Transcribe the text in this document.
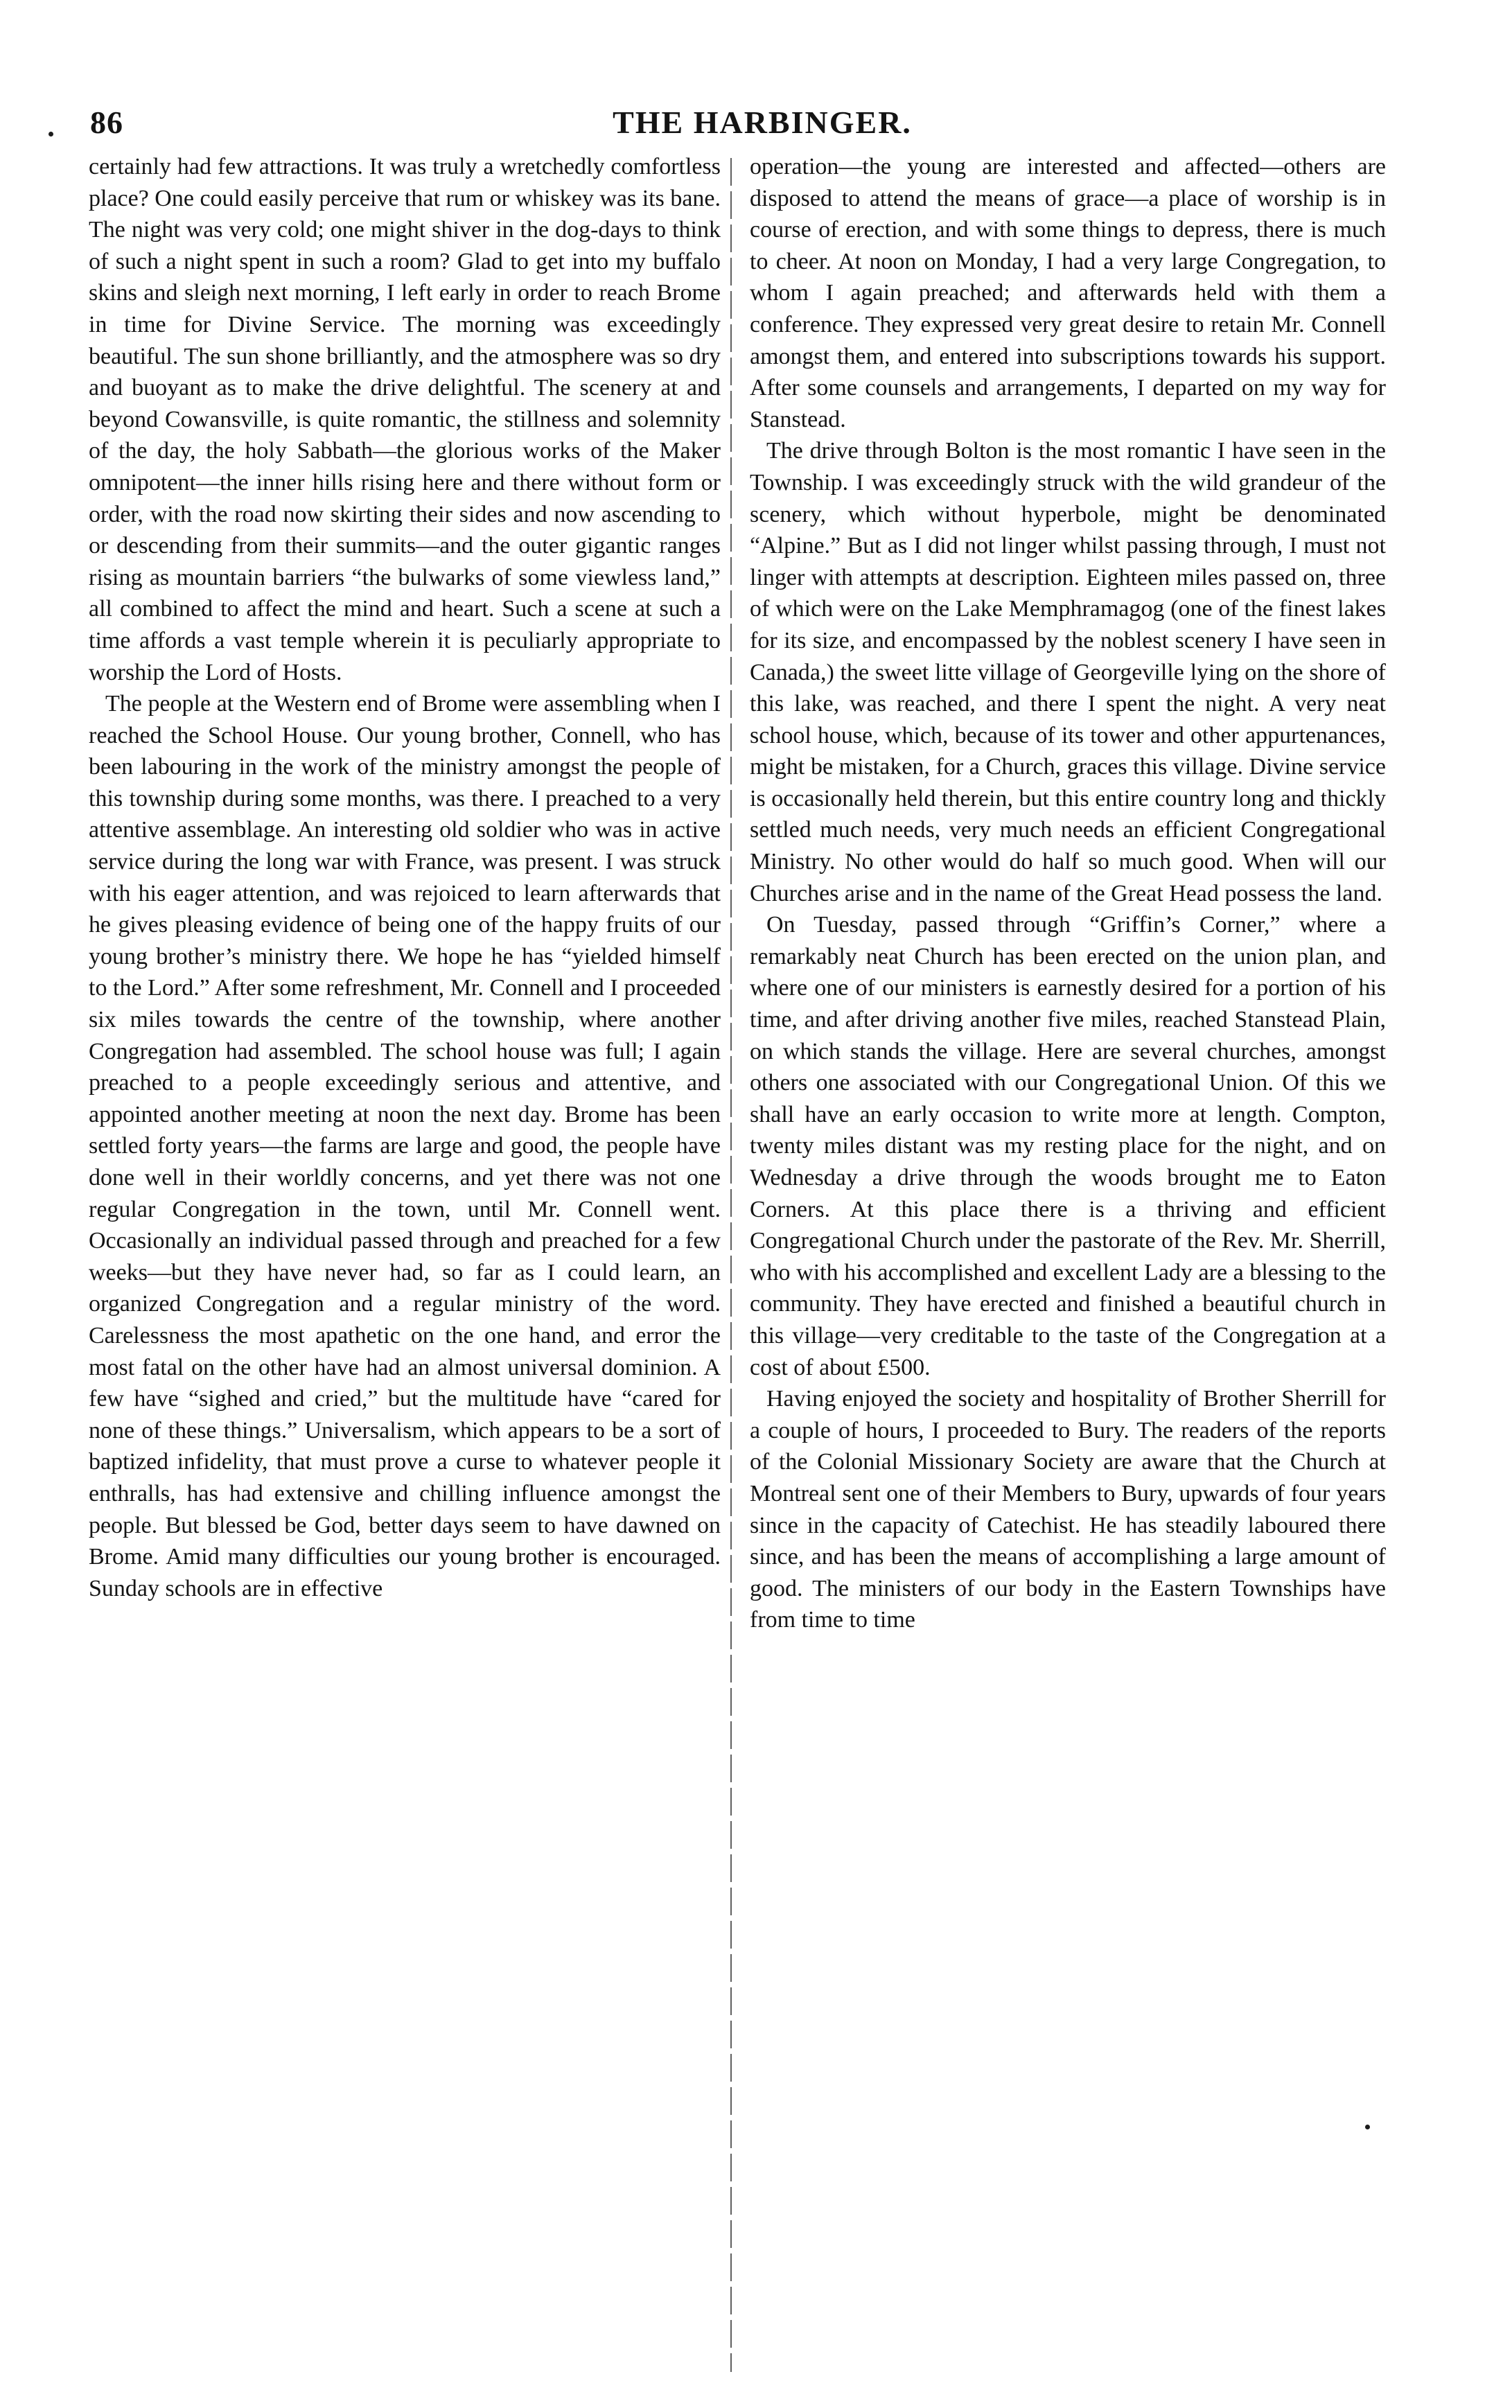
86	THE HARBINGER.

certainly had few attractions. It was truly a wretchedly comfortless place? One could easily perceive that rum or whiskey was its bane. The night was very cold; one might shiver in the dog-days to think of such a night spent in such a room? Glad to get into my buffalo skins and sleigh next morning, I left early in order to reach Brome in time for Divine Service. The morning was exceedingly beautiful. The sun shone brilliantly, and the atmosphere was so dry and buoyant as to make the drive delightful. The scenery at and beyond Cowansville, is quite romantic, the stillness and solemnity of the day, the holy Sabbath—the glorious works of the Maker omnipotent—the inner hills rising here and there without form or order, with the road now skirting their sides and now ascending to or descending from their summits—and the outer gigantic ranges rising as mountain barriers “the bulwarks of some viewless land,” all combined to affect the mind and heart. Such a scene at such a time affords a vast temple wherein it is peculiarly appropriate to worship the Lord of Hosts.

The people at the Western end of Brome were assembling when I reached the School House. Our young brother, Connell, who has been labouring in the work of the ministry amongst the people of this township during some months, was there. I preached to a very attentive assemblage. An interesting old soldier who was in active service during the long war with France, was present. I was struck with his eager attention, and was rejoiced to learn afterwards that he gives pleasing evidence of being one of the happy fruits of our young brother’s ministry there. We hope he has “yielded himself to the Lord.” After some refreshment, Mr. Connell and I proceeded six miles towards the centre of the township, where another Congregation had assembled. The school house was full; I again preached to a people exceedingly serious and attentive, and appointed another meeting at noon the next day. Brome has been settled forty years—the farms are large and good, the people have done well in their worldly concerns, and yet there was not one regular Congregation in the town, until Mr. Connell went. Occasionally an individual passed through and preached for a few weeks—but they have never had, so far as I could learn, an organized Congregation and a regular ministry of the word. Carelessness the most apathetic on the one hand, and error the most fatal on the other have had an almost universal dominion. A few have “sighed and cried,” but the multitude have “cared for none of these things.” Universalism, which appears to be a sort of baptized infidelity, that must prove a curse to whatever people it enthralls, has had extensive and chilling influence amongst the people. But blessed be God, better days seem to have dawned on Brome. Amid many difficulties our young brother is encouraged. Sunday schools are in effective

operation—the young are interested and affected—others are disposed to attend the means of grace—a place of worship is in course of erection, and with some things to depress, there is much to cheer. At noon on Monday, I had a very large Congregation, to whom I again preached; and afterwards held with them a conference. They expressed very great desire to retain Mr. Connell amongst them, and entered into subscriptions towards his support. After some counsels and arrangements, I departed on my way for Stanstead.

The drive through Bolton is the most romantic I have seen in the Township. I was exceedingly struck with the wild grandeur of the scenery, which without hyperbole, might be denominated “Alpine.” But as I did not linger whilst passing through, I must not linger with attempts at description. Eighteen miles passed on, three of which were on the Lake Memphramagog (one of the finest lakes for its size, and encompassed by the noblest scenery I have seen in Canada,) the sweet litte village of Georgeville lying on the shore of this lake, was reached, and there I spent the night. A very neat school house, which, because of its tower and other appurtenances, might be mistaken, for a Church, graces this village. Divine service is occasionally held therein, but this entire country long and thickly settled much needs, very much needs an efficient Congregational Ministry. No other would do half so much good. When will our Churches arise and in the name of the Great Head possess the land.

On Tuesday, passed through “Griffin’s Corner,” where a remarkably neat Church has been erected on the union plan, and where one of our ministers is earnestly desired for a portion of his time, and after driving another five miles, reached Stanstead Plain, on which stands the village. Here are several churches, amongst others one associated with our Congregational Union. Of this we shall have an early occasion to write more at length. Compton, twenty miles distant was my resting place for the night, and on Wednesday a drive through the woods brought me to Eaton Corners. At this place there is a thriving and efficient Congregational Church under the pastorate of the Rev. Mr. Sherrill, who with his accomplished and excellent Lady are a blessing to the community. They have erected and finished a beautiful church in this village—very creditable to the taste of the Congregation at a cost of about £500.

Having enjoyed the society and hospitality of Brother Sherrill for a couple of hours, I proceeded to Bury. The readers of the reports of the Colonial Missionary Society are aware that the Church at Montreal sent one of their Members to Bury, upwards of four years since in the capacity of Catechist. He has steadily laboured there since, and has been the means of accomplishing a large amount of good. The ministers of our body in the Eastern Townships have from time to time
